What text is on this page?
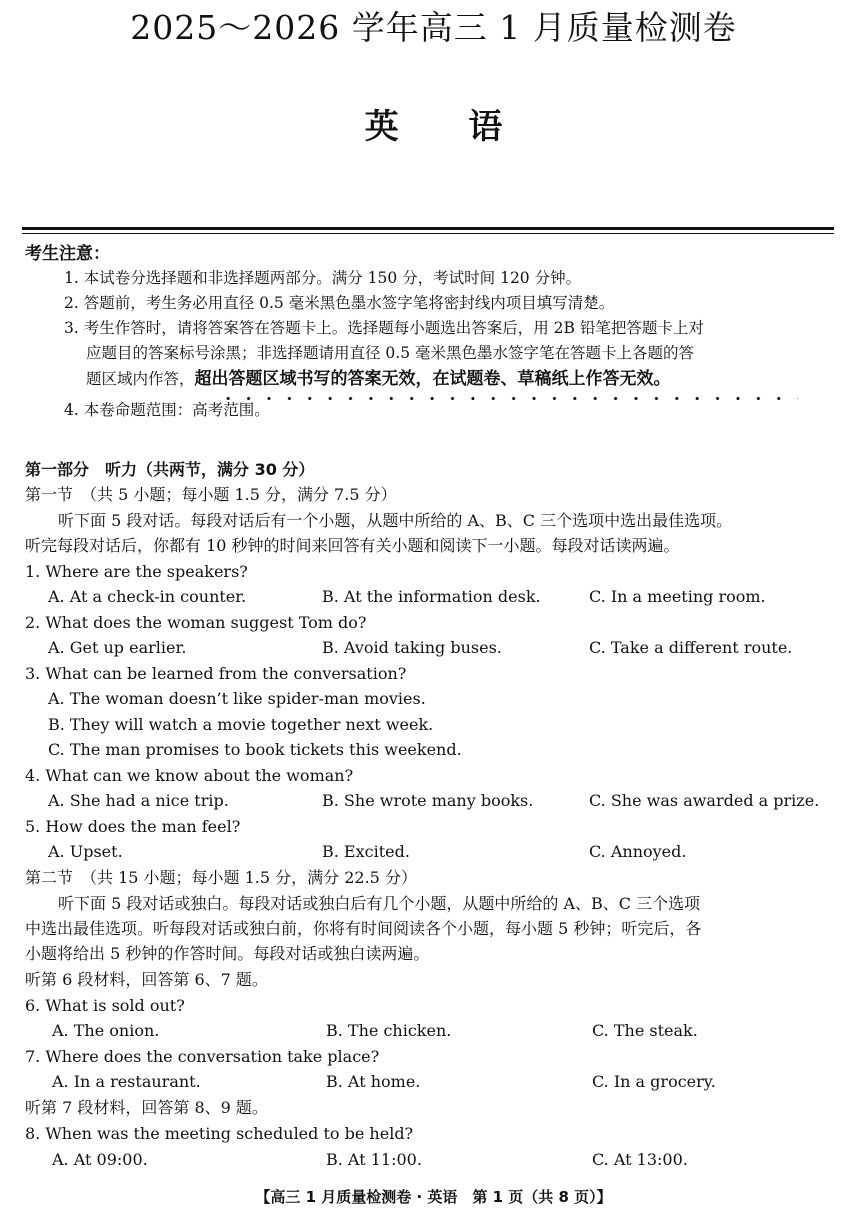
2025～2026 学年高三 1 月质量检测卷
英 语
考生注意：
1. 本试卷分选择题和非选择题两部分。满分 150 分，考试时间 120 分钟。
2. 答题前，考生务必用直径 0.5 毫米黑色墨水签字笔将密封线内项目填写清楚。
3. 考生作答时，请将答案答在答题卡上。选择题每小题选出答案后，用 2B 铅笔把答题卡上对
应题目的答案标号涂黑；非选择题请用直径 0.5 毫米黑色墨水签字笔在答题卡上各题的答
题区域内作答，超出答题区域书写的答案无效，在试题卷、草稿纸上作答无效。
4. 本卷命题范围：高考范围。
第一部分　听力（共两节，满分 30 分）
第一节　（共 5 小题；每小题 1.5 分，满分 7.5 分）
听下面 5 段对话。每段对话后有一个小题，从题中所给的 A、B、C 三个选项中选出最佳选项。
听完每段对话后，你都有 10 秒钟的时间来回答有关小题和阅读下一小题。每段对话读两遍。
1. Where are the speakers?
A. At a check-in counter.	B. At the information desk.	C. In a meeting room.
2. What does the woman suggest Tom do?
A. Get up earlier.	B. Avoid taking buses.	C. Take a different route.
3. What can be learned from the conversation?
A. The woman doesn’t like spider-man movies.
B. They will watch a movie together next week.
C. The man promises to book tickets this weekend.
4. What can we know about the woman?
A. She had a nice trip.	B. She wrote many books.	C. She was awarded a prize.
5. How does the man feel?
A. Upset.	B. Excited.	C. Annoyed.
第二节　（共 15 小题；每小题 1.5 分，满分 22.5 分）
听下面 5 段对话或独白。每段对话或独白后有几个小题，从题中所给的 A、B、C 三个选项
中选出最佳选项。听每段对话或独白前，你将有时间阅读各个小题，每小题 5 秒钟；听完后，各
小题将给出 5 秒钟的作答时间。每段对话或独白读两遍。
听第 6 段材料，回答第 6、7 题。
6. What is sold out?
A. The onion.	B. The chicken.	C. The steak.
7. Where does the conversation take place?
A. In a restaurant.	B. At home.	C. In a grocery.
听第 7 段材料，回答第 8、9 题。
8. When was the meeting scheduled to be held?
A. At 09:00.	B. At 11:00.	C. At 13:00.
【高三 1 月质量检测卷 · 英语　第 1 页（共 8 页）】
